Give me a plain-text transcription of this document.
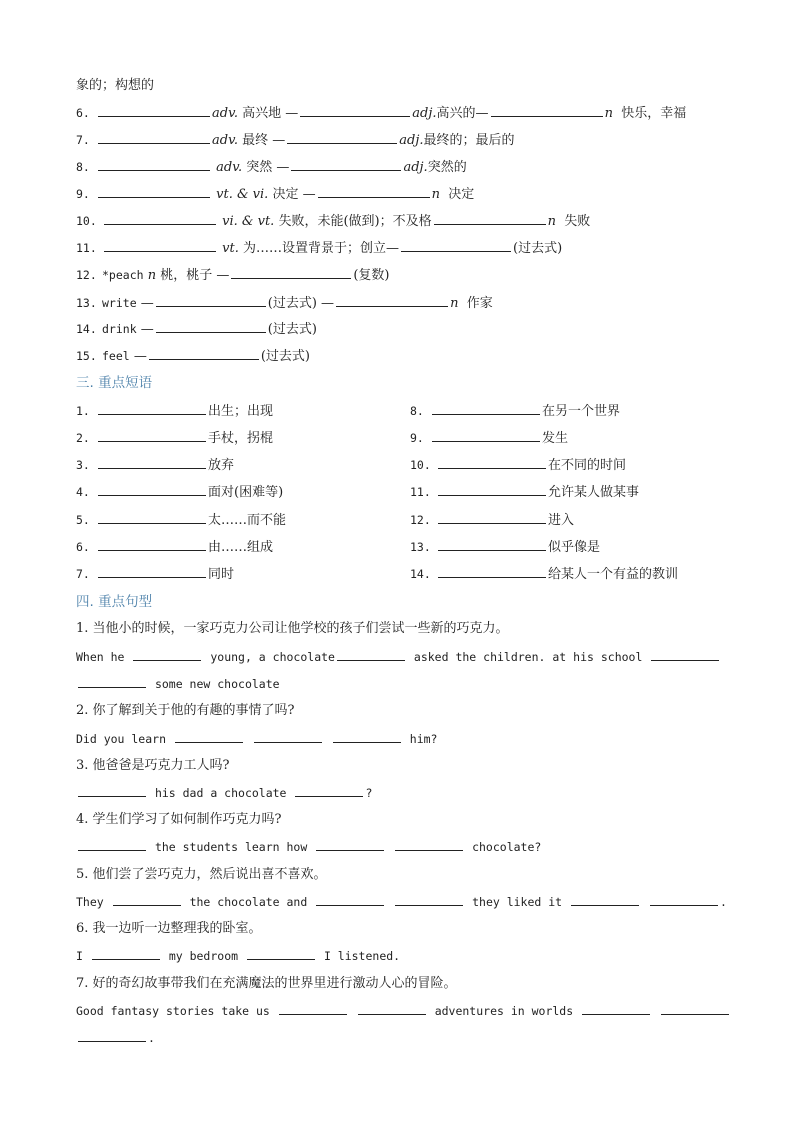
象的；构想的
6.	adv. 高兴地 —	adj.高兴的—	n 快乐，幸福
7.	adv. 最终 —	adj.最终的；最后的
8.	adv. 突然 —	adj.突然的
9.	vt. & vi. 决定 —	n 决定
10.	vi. & vt. 失败，未能(做到)；不及格	n 失败
11.	vt. 为……设置背景于；创立—	(过去式)
12. *peach n 桃，桃子 —	(复数)
13. write —	(过去式) —	n 作家
14. drink —	(过去式)
15. feel —	(过去式)
三. 重点短语
1.	出生；出现
2.	手杖，拐棍
3.	放弃
4.	面对(困难等)
5.	太……而不能
6.	由……组成
7.	同时
8.	在另一个世界
9.	发生
10.	在不同的时间
11.	允许某人做某事
12.	进入
13.	似乎像是
14.	给某人一个有益的教训
四. 重点句型
1. 当他小的时候，一家巧克力公司让他学校的孩子们尝试一些新的巧克力。
When he	young, a chocolate	asked the children. at his school
some new chocolate
2. 你了解到关于他的有趣的事情了吗?
Did you learn	him?
3. 他爸爸是巧克力工人吗?
his dad a chocolate	?
4. 学生们学习了如何制作巧克力吗?
the students learn how	chocolate?
5. 他们尝了尝巧克力，然后说出喜不喜欢。
They	the chocolate and	they liked it	.
6. 我一边听一边整理我的卧室。
I	my bedroom	I listened.
7. 好的奇幻故事带我们在充满魔法的世界里进行激动人心的冒险。
Good fantasy stories take us	adventures in worlds
.
